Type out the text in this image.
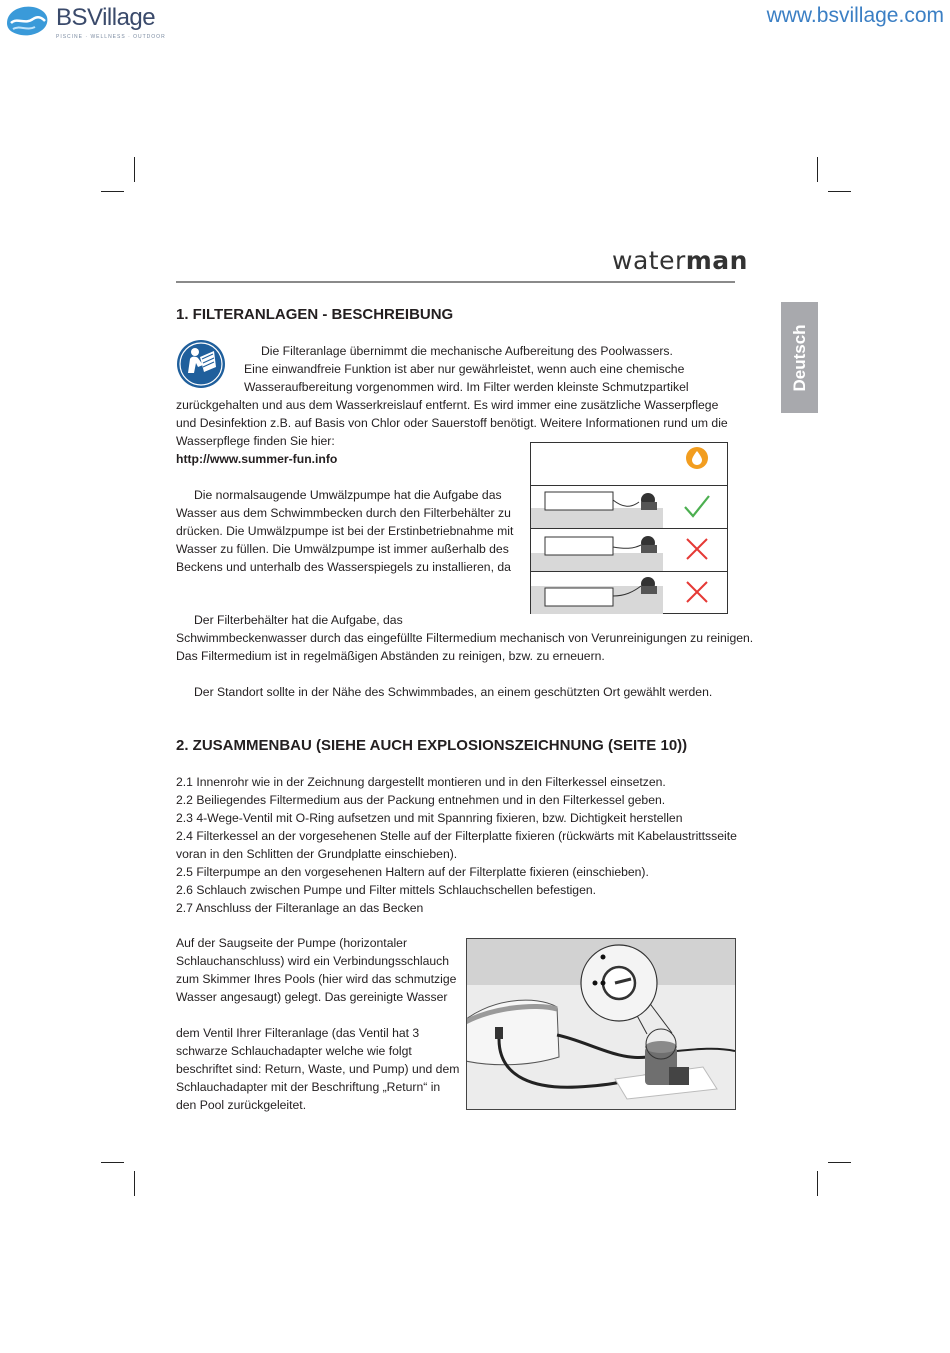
BSVillage
PISCINE · WELLNESS · OUTDOOR
www.bsvillage.com
waterman
Deutsch
1. FILTERANLAGEN - BESCHREIBUNG
Die Filteranlage übernimmt die mechanische Aufbereitung des Poolwassers.
Eine einwandfreie Funktion ist aber nur gewährleistet, wenn auch eine chemische
Wasseraufbereitung vorgenommen wird. Im Filter werden kleinste Schmutzpartikel
zurückgehalten und aus dem Wasserkreislauf entfernt. Es wird immer eine zusätzliche Wasserpflege
und Desinfektion z.B. auf Basis von Chlor oder Sauerstoff benötigt. Weitere Informationen rund um die
Wasserpflege finden Sie hier:
http://www.summer-fun.info
Die normalsaugende Umwälzpumpe hat die Aufgabe das
Wasser aus dem Schwimmbecken durch den Filterbehälter zu
drücken. Die Umwälzpumpe ist bei der Erstinbetriebnahme mit
Wasser zu füllen. Die Umwälzpumpe ist immer außerhalb des
Beckens und unterhalb des Wasserspiegels zu installieren, da
Der Filterbehälter hat die Aufgabe, das
Schwimmbeckenwasser durch das eingefüllte Filtermedium mechanisch von Verunreinigungen zu reinigen.
Das Filtermedium ist in regelmäßigen Abständen zu reinigen, bzw. zu erneuern.
Der Standort sollte in der Nähe des Schwimmbades, an einem geschützten Ort gewählt werden.
2. ZUSAMMENBAU (SIEHE AUCH EXPLOSIONSZEICHNUNG (SEITE 10))

2.1 Innenrohr wie in der Zeichnung dargestellt montieren und in den Filterkessel einsetzen.

2.2 Beiliegendes Filtermedium aus der Packung entnehmen und in den Filterkessel geben.

2.3 4-Wege-Ventil mit O-Ring aufsetzen und mit Spannring fixieren, bzw. Dichtigkeit herstellen

2.4 Filterkessel an der vorgesehenen Stelle auf der Filterplatte fixieren (rückwärts mit Kabelaustrittsseite

voran in den Schlitten der Grundplatte einschieben).

2.5 Filterpumpe an den vorgesehenen Haltern auf der Filterplatte fixieren (einschieben).

2.6 Schlauch zwischen Pumpe und Filter mittels Schlauchschellen befestigen.

2.7 Anschluss der Filteranlage an das Becken

Auf der Saugseite der Pumpe (horizontaler
Schlauchanschluss) wird ein Verbindungsschlauch
zum Skimmer Ihres Pools (hier wird das schmutzige
Wasser angesaugt) gelegt. Das gereinigte Wasser
dem Ventil Ihrer Filteranlage (das Ventil hat 3
schwarze Schlauchadapter welche wie folgt
beschriftet sind: Return, Waste, und Pump) und dem
Schlauchadapter mit der Beschriftung „Return“ in
den Pool zurückgeleitet.
